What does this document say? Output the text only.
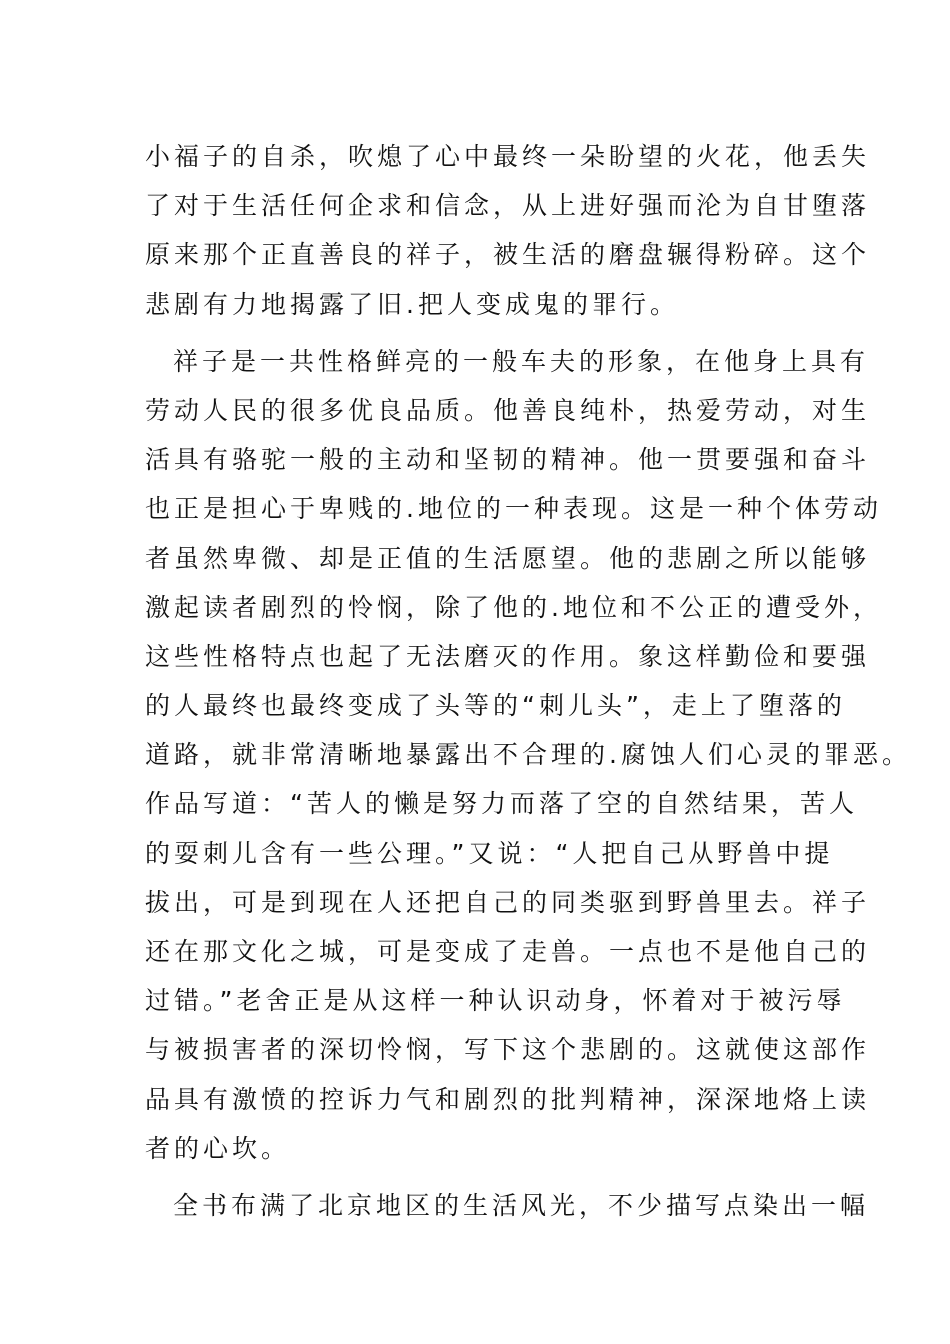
小福子的自杀，吹熄了心中最终一朵盼望的火花，他丢失
了对于生活任何企求和信念，从上进好强而沦为自甘堕落
原来那个正直善良的祥子，被生活的磨盘辗得粉碎。这个
悲剧有力地揭露了旧.把人变成鬼的罪行。
祥子是一共性格鲜亮的一般车夫的形象，在他身上具有
劳动人民的很多优良品质。他善良纯朴，热爱劳动，对生
活具有骆驼一般的主动和坚韧的精神。他一贯要强和奋斗
也正是担心于卑贱的.地位的一种表现。这是一种个体劳动
者虽然卑微、却是正值的生活愿望。他的悲剧之所以能够
激起读者剧烈的怜悯，除了他的.地位和不公正的遭受外，
这些性格特点也起了无法磨灭的作用。象这样勤俭和要强
的人最终也最终变成了头等的“刺儿头”，走上了堕落的
道路，就非常清晰地暴露出不合理的.腐蚀人们心灵的罪恶。
作品写道：“苦人的懒是努力而落了空的自然结果，苦人
的耍刺儿含有一些公理。”又说：“人把自己从野兽中提
拔出，可是到现在人还把自己的同类驱到野兽里去。祥子
还在那文化之城，可是变成了走兽。一点也不是他自己的
过错。”老舍正是从这样一种认识动身，怀着对于被污辱
与被损害者的深切怜悯，写下这个悲剧的。这就使这部作
品具有激愤的控诉力气和剧烈的批判精神，深深地烙上读
者的心坎。
全书布满了北京地区的生活风光，不少描写点染出一幅
